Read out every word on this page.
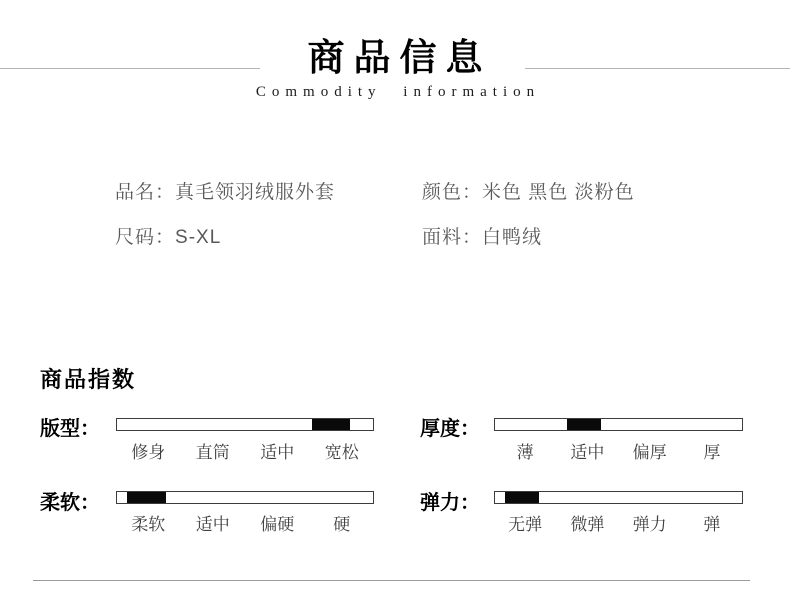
商品信息
Commodity information
品名：真毛领羽绒服外套	颜色：米色 黑色 淡粉色
尺码：S-XL	面料：白鸭绒
商品指数
版型：
修身	直筒	适中	宽松
厚度：
薄	适中	偏厚	厚
柔软：
柔软	适中	偏硬	硬
弹力：
无弹	微弹	弹力	弹
